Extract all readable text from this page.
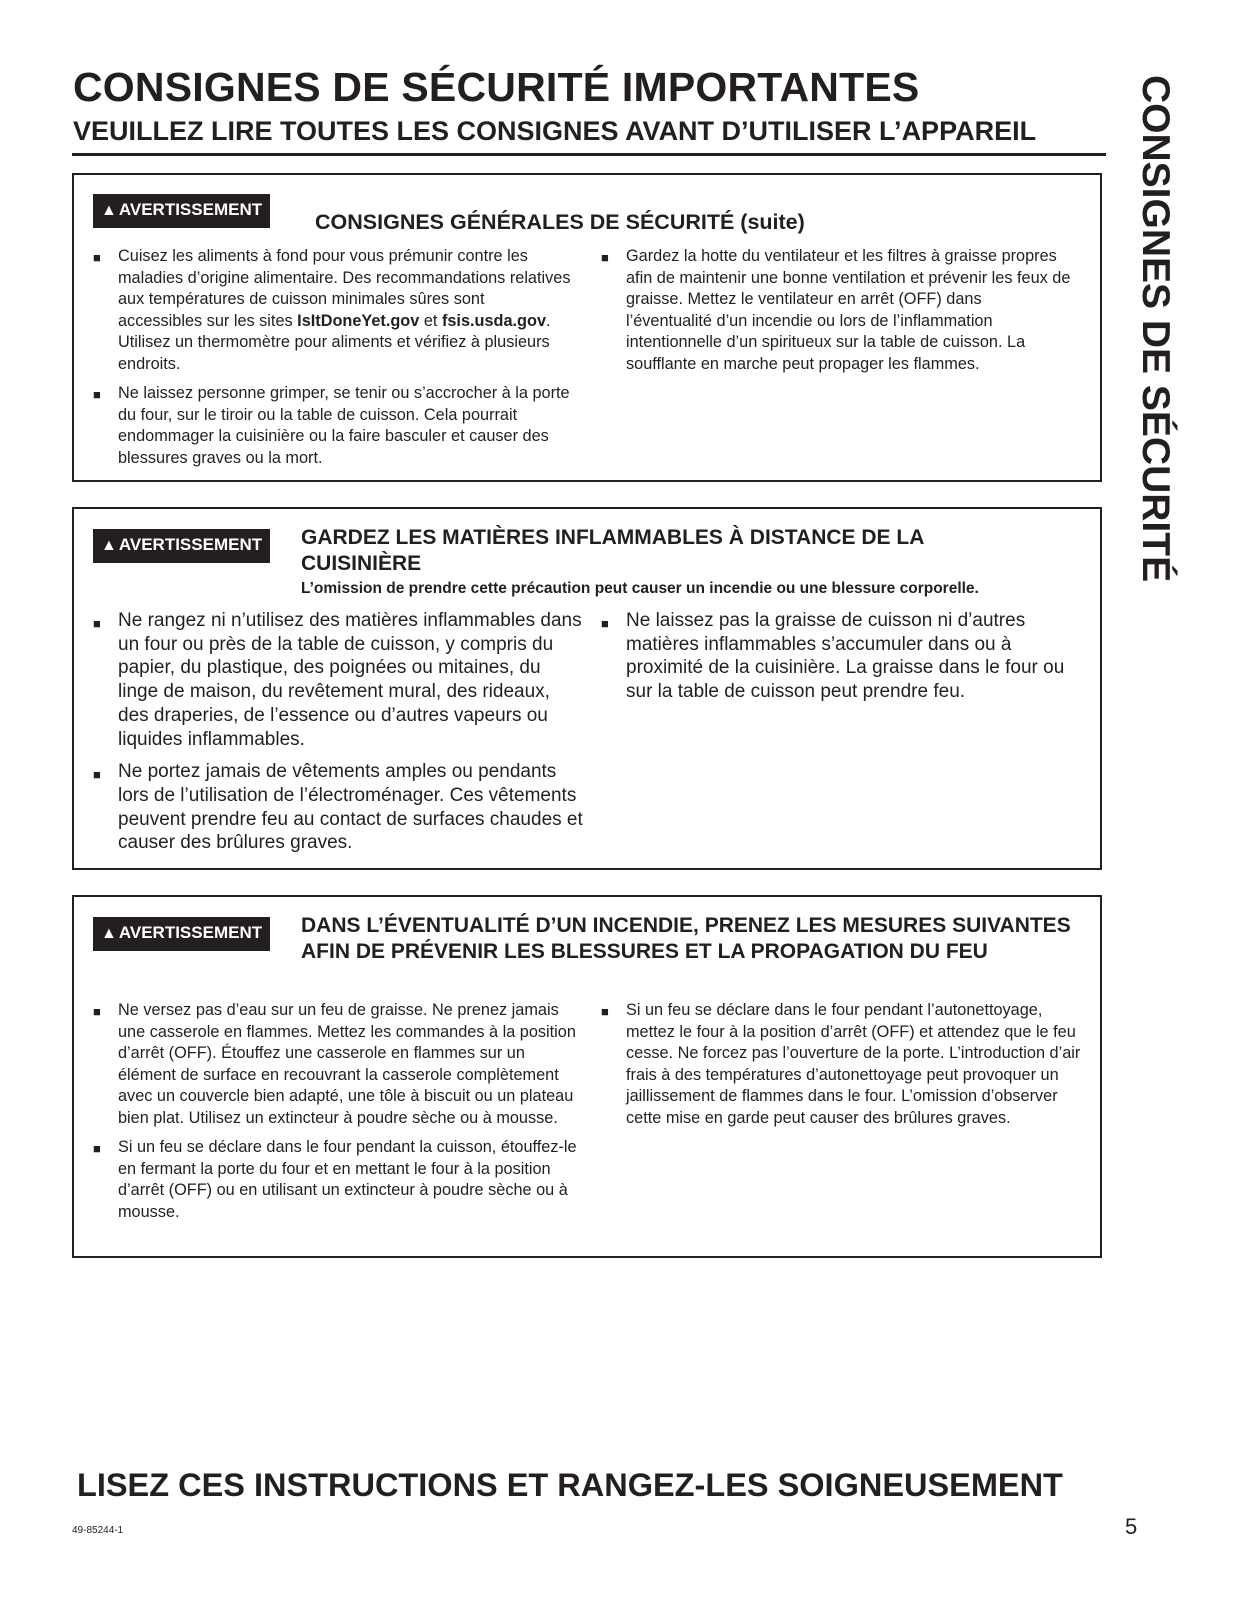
CONSIGNES DE SÉCURITÉ IMPORTANTES
VEUILLEZ LIRE TOUTES LES CONSIGNES AVANT D’UTILISER L’APPAREIL	CONSIGNES DE SÉCURITÉ
▲ AVERTISSEMENT
CONSIGNES GÉNÉRALES DE SÉCURITÉ (suite)
■ Cuisez les aliments à fond pour vous prémunir contre les maladies d’origine alimentaire. Des recommandations relatives aux températures de cuisson minimales sûres sont accessibles sur les sites IsItDoneYet.gov et fsis.usda.gov. Utilisez un thermomètre pour aliments et vérifiez à plusieurs endroits.
■ Ne laissez personne grimper, se tenir ou s’accrocher à la porte du four, sur le tiroir ou la table de cuisson. Cela pourrait endommager la cuisinière ou la faire basculer et causer des blessures graves ou la mort.
■ Gardez la hotte du ventilateur et les filtres à graisse propres afin de maintenir une bonne ventilation et prévenir les feux de graisse. Mettez le ventilateur en arrêt (OFF) dans l’éventualité d’un incendie ou lors de l’inflammation intentionnelle d’un spiritueux sur la table de cuisson. La soufflante en marche peut propager les flammes.
▲ AVERTISSEMENT	GARDEZ LES MATIÈRES INFLAMMABLES À DISTANCE DE LA CUISINIÈRE
L’omission de prendre cette précaution peut causer un incendie ou une blessure corporelle.
■ Ne rangez ni n’utilisez des matières inflammables dans un four ou près de la table de cuisson, y compris du papier, du plastique, des poignées ou mitaines, du linge de maison, du revêtement mural, des rideaux, des draperies, de l’essence ou d’autres vapeurs ou liquides inflammables.
■ Ne portez jamais de vêtements amples ou pendants lors de l’utilisation de l’électroménager. Ces vêtements peuvent prendre feu au contact de surfaces chaudes et causer des brûlures graves.
■ Ne laissez pas la graisse de cuisson ni d’autres matières inflammables s’accumuler dans ou à proximité de la cuisinière. La graisse dans le four ou sur la table de cuisson peut prendre feu.
▲ AVERTISSEMENT	DANS L’ÉVENTUALITÉ D’UN INCENDIE, PRENEZ LES MESURES SUIVANTES AFIN DE PRÉVENIR LES BLESSURES ET LA PROPAGATION DU FEU
■ Ne versez pas d’eau sur un feu de graisse. Ne prenez jamais une casserole en flammes. Mettez les commandes à la position d’arrêt (OFF). Étouffez une casserole en flammes sur un élément de surface en recouvrant la casserole complètement avec un couvercle bien adapté, une tôle à biscuit ou un plateau bien plat. Utilisez un extincteur à poudre sèche ou à mousse.
■ Si un feu se déclare dans le four pendant la cuisson, étouffez-le en fermant la porte du four et en mettant le four à la position d’arrêt (OFF) ou en utilisant un extincteur à poudre sèche ou à mousse.
■ Si un feu se déclare dans le four pendant l’autonettoyage, mettez le four à la position d’arrêt (OFF) et attendez que le feu cesse. Ne forcez pas l’ouverture de la porte. L’introduction d’air frais à des températures d’autonettoyage peut provoquer un jaillissement de flammes dans le four. L’omission d’observer cette mise en garde peut causer des brûlures graves.
LISEZ CES INSTRUCTIONS ET RANGEZ-LES SOIGNEUSEMENT
49-85244-1	5
